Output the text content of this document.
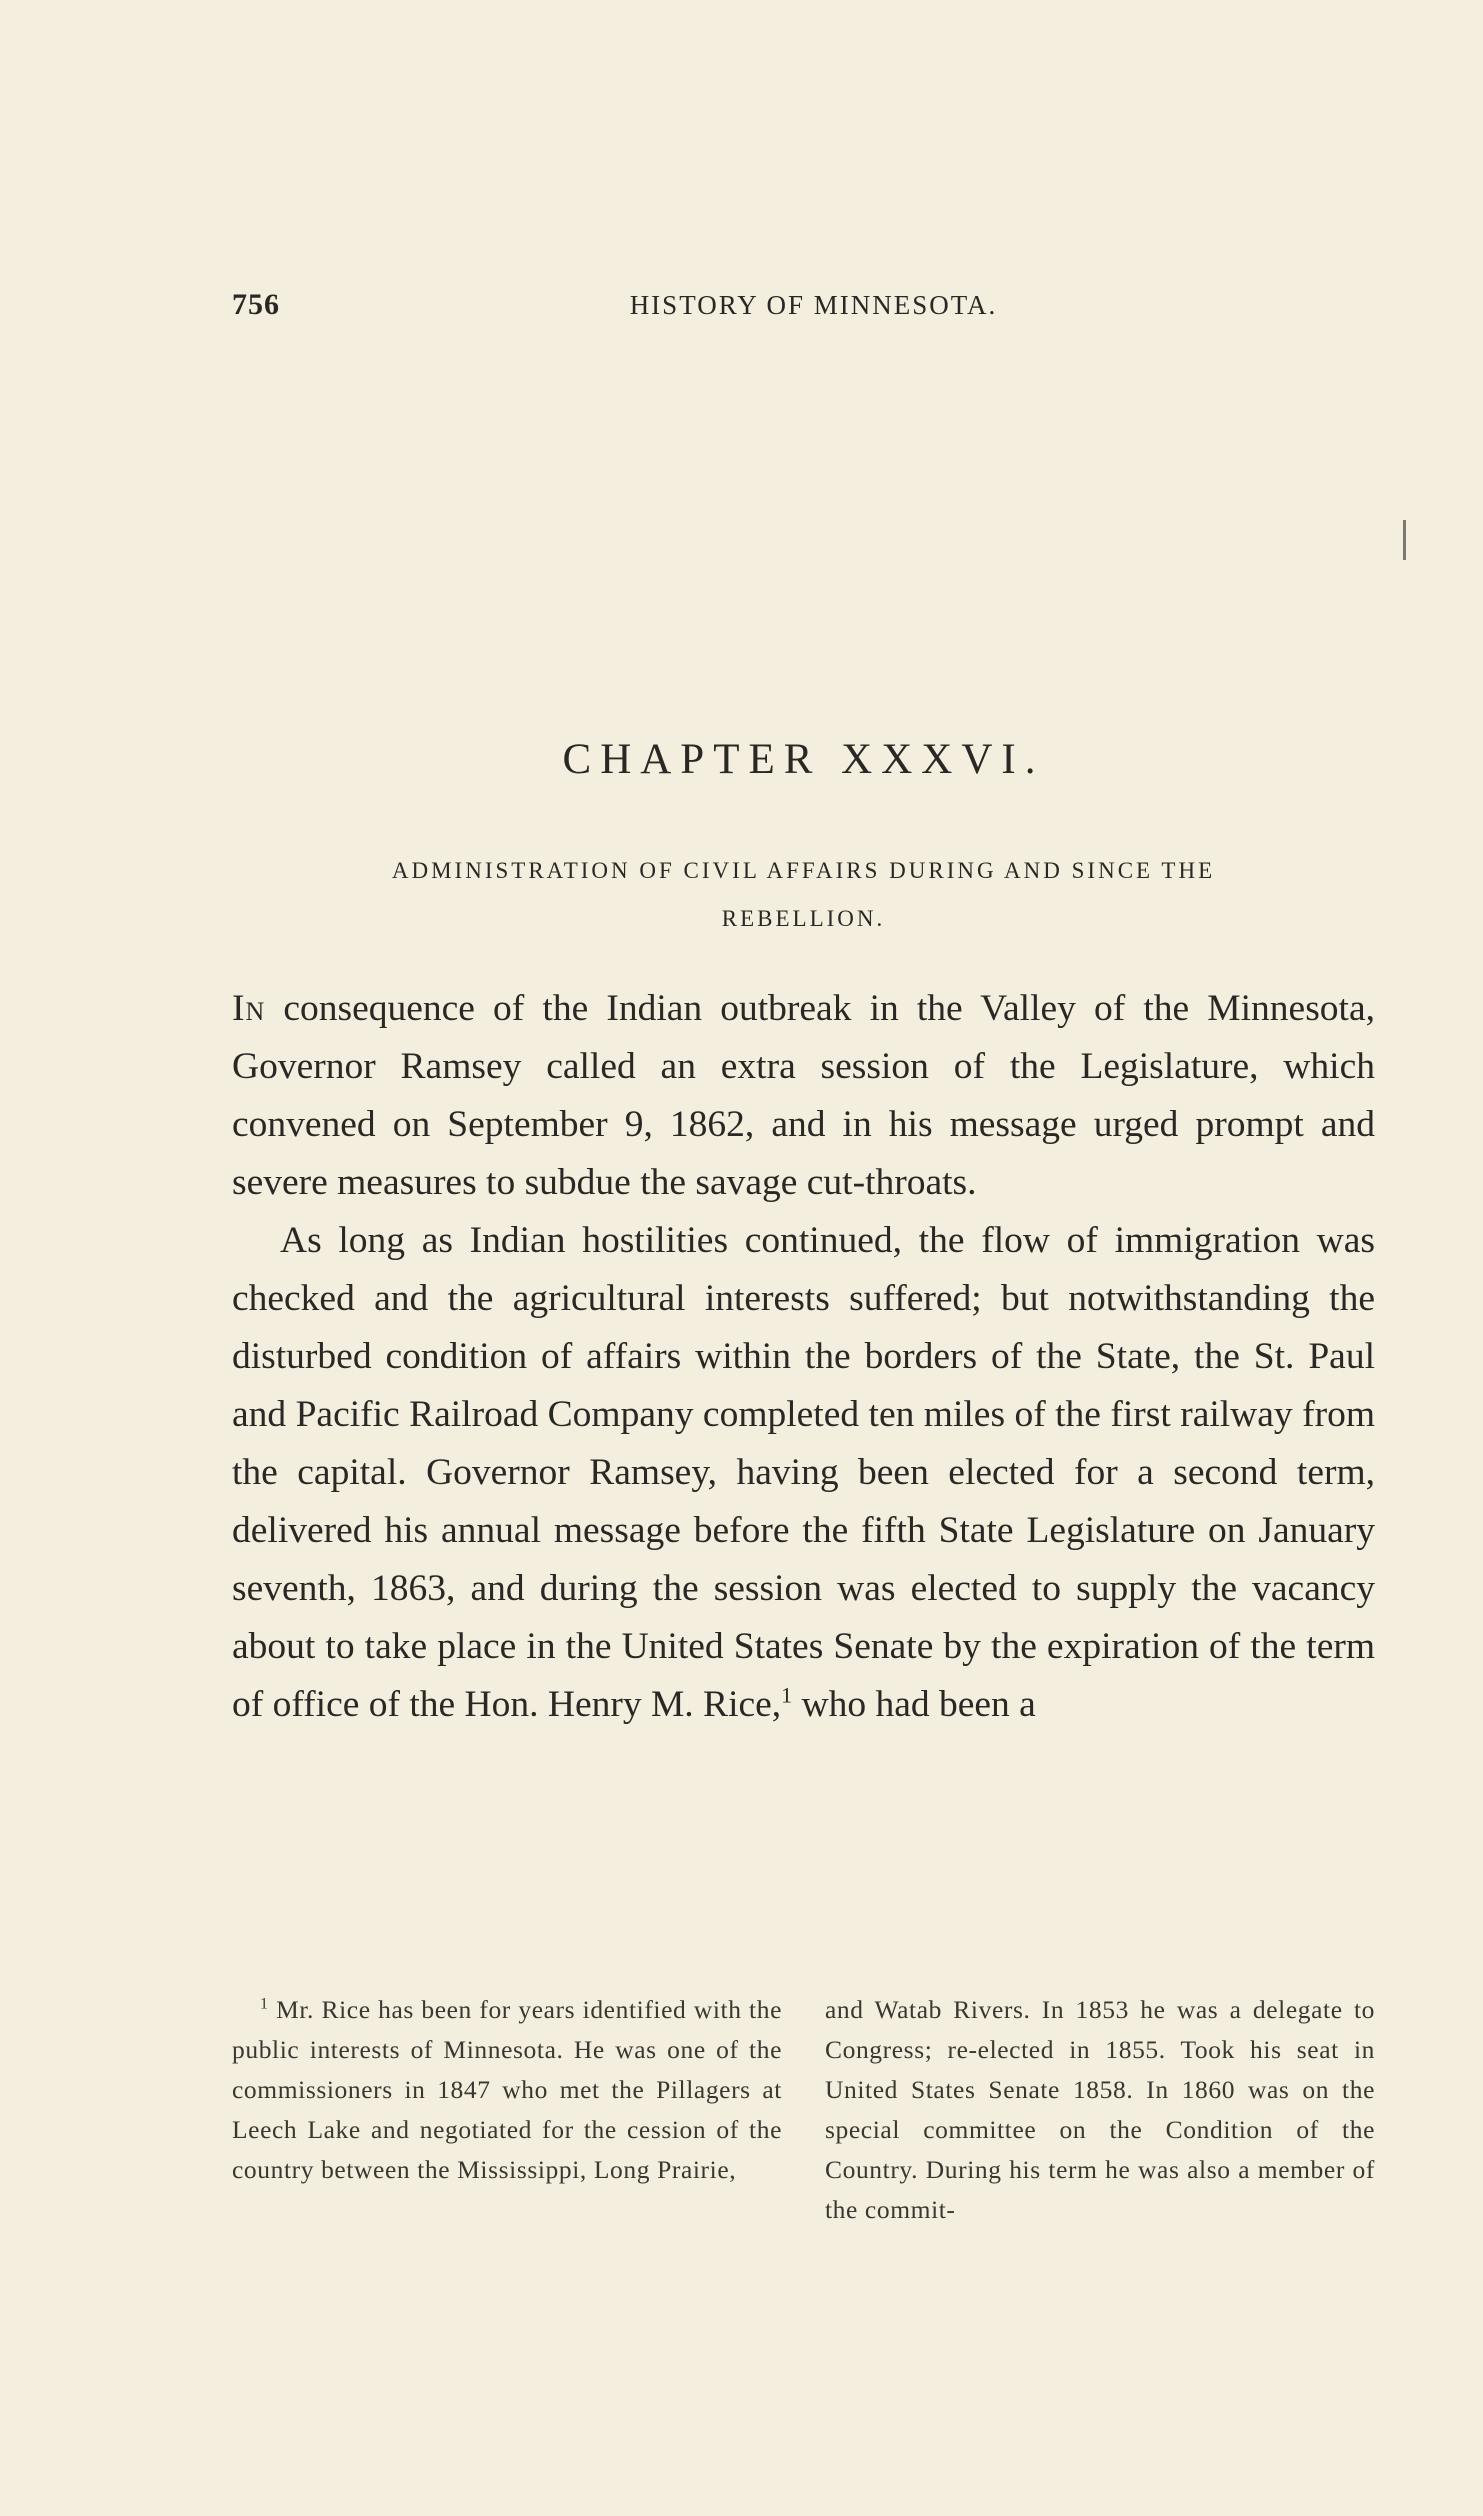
756	HISTORY OF MINNESOTA.
CHAPTER XXXVI.
ADMINISTRATION OF CIVIL AFFAIRS DURING AND SINCE THE
REBELLION.

In consequence of the Indian outbreak in the Valley of the Minnesota, Governor Ramsey called an extra session of the Legislature, which convened on September 9, 1862, and in his message urged prompt and severe measures to subdue the savage cut-throats.

As long as Indian hostilities continued, the flow of immigration was checked and the agricultural interests suffered; but notwithstanding the disturbed condition of affairs within the borders of the State, the St. Paul and Pacific Railroad Company completed ten miles of the first railway from the capital. Governor Ramsey, having been elected for a second term, delivered his annual message before the fifth State Legislature on January seventh, 1863, and during the session was elected to supply the vacancy about to take place in the United States Senate by the expiration of the term of office of the Hon. Henry M. Rice,$^1$ who had been a

$^1$ Mr. Rice has been for years identified with the public interests of Minnesota. He was one of the commissioners in 1847 who met the Pillagers at Leech Lake and negotiated for the cession of the country between the Mississippi, Long Prairie,

and Watab Rivers. In 1853 he was a delegate to Congress; re-elected in 1855. Took his seat in United States Senate 1858. In 1860 was on the special committee on the Condition of the Country. During his term he was also a member of the commit-
